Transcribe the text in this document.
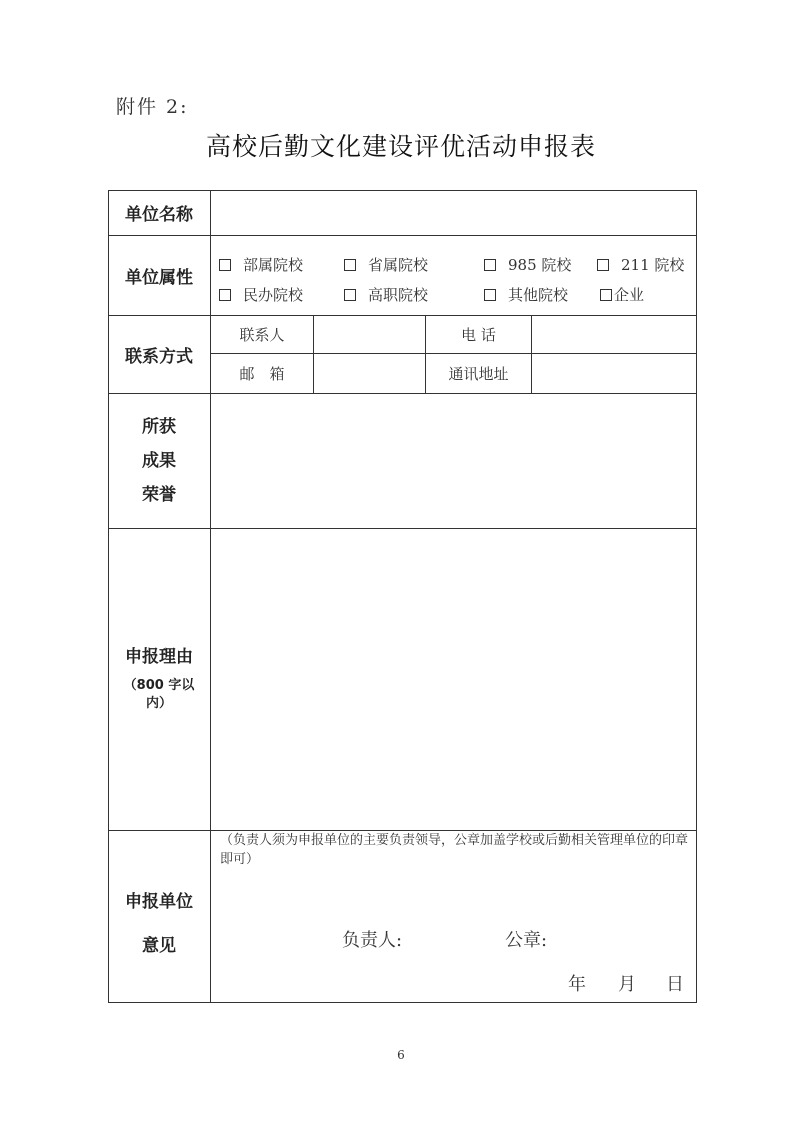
附件 2:
高校后勤文化建设评优活动申报表
单位名称
单位属性
部属院校	省属院校	985 院校	211 院校
民办院校	高职院校	其他院校	企业
联系方式
联系人	电 话
邮　箱	通讯地址
所获
成果
荣誉
申报理由
（800 字以
内）
申报单位
意见
（负责人须为申报单位的主要负责领导，公章加盖学校或后勤相关管理单位的印章即可）
负责人:	公章:
年 月 日
6
